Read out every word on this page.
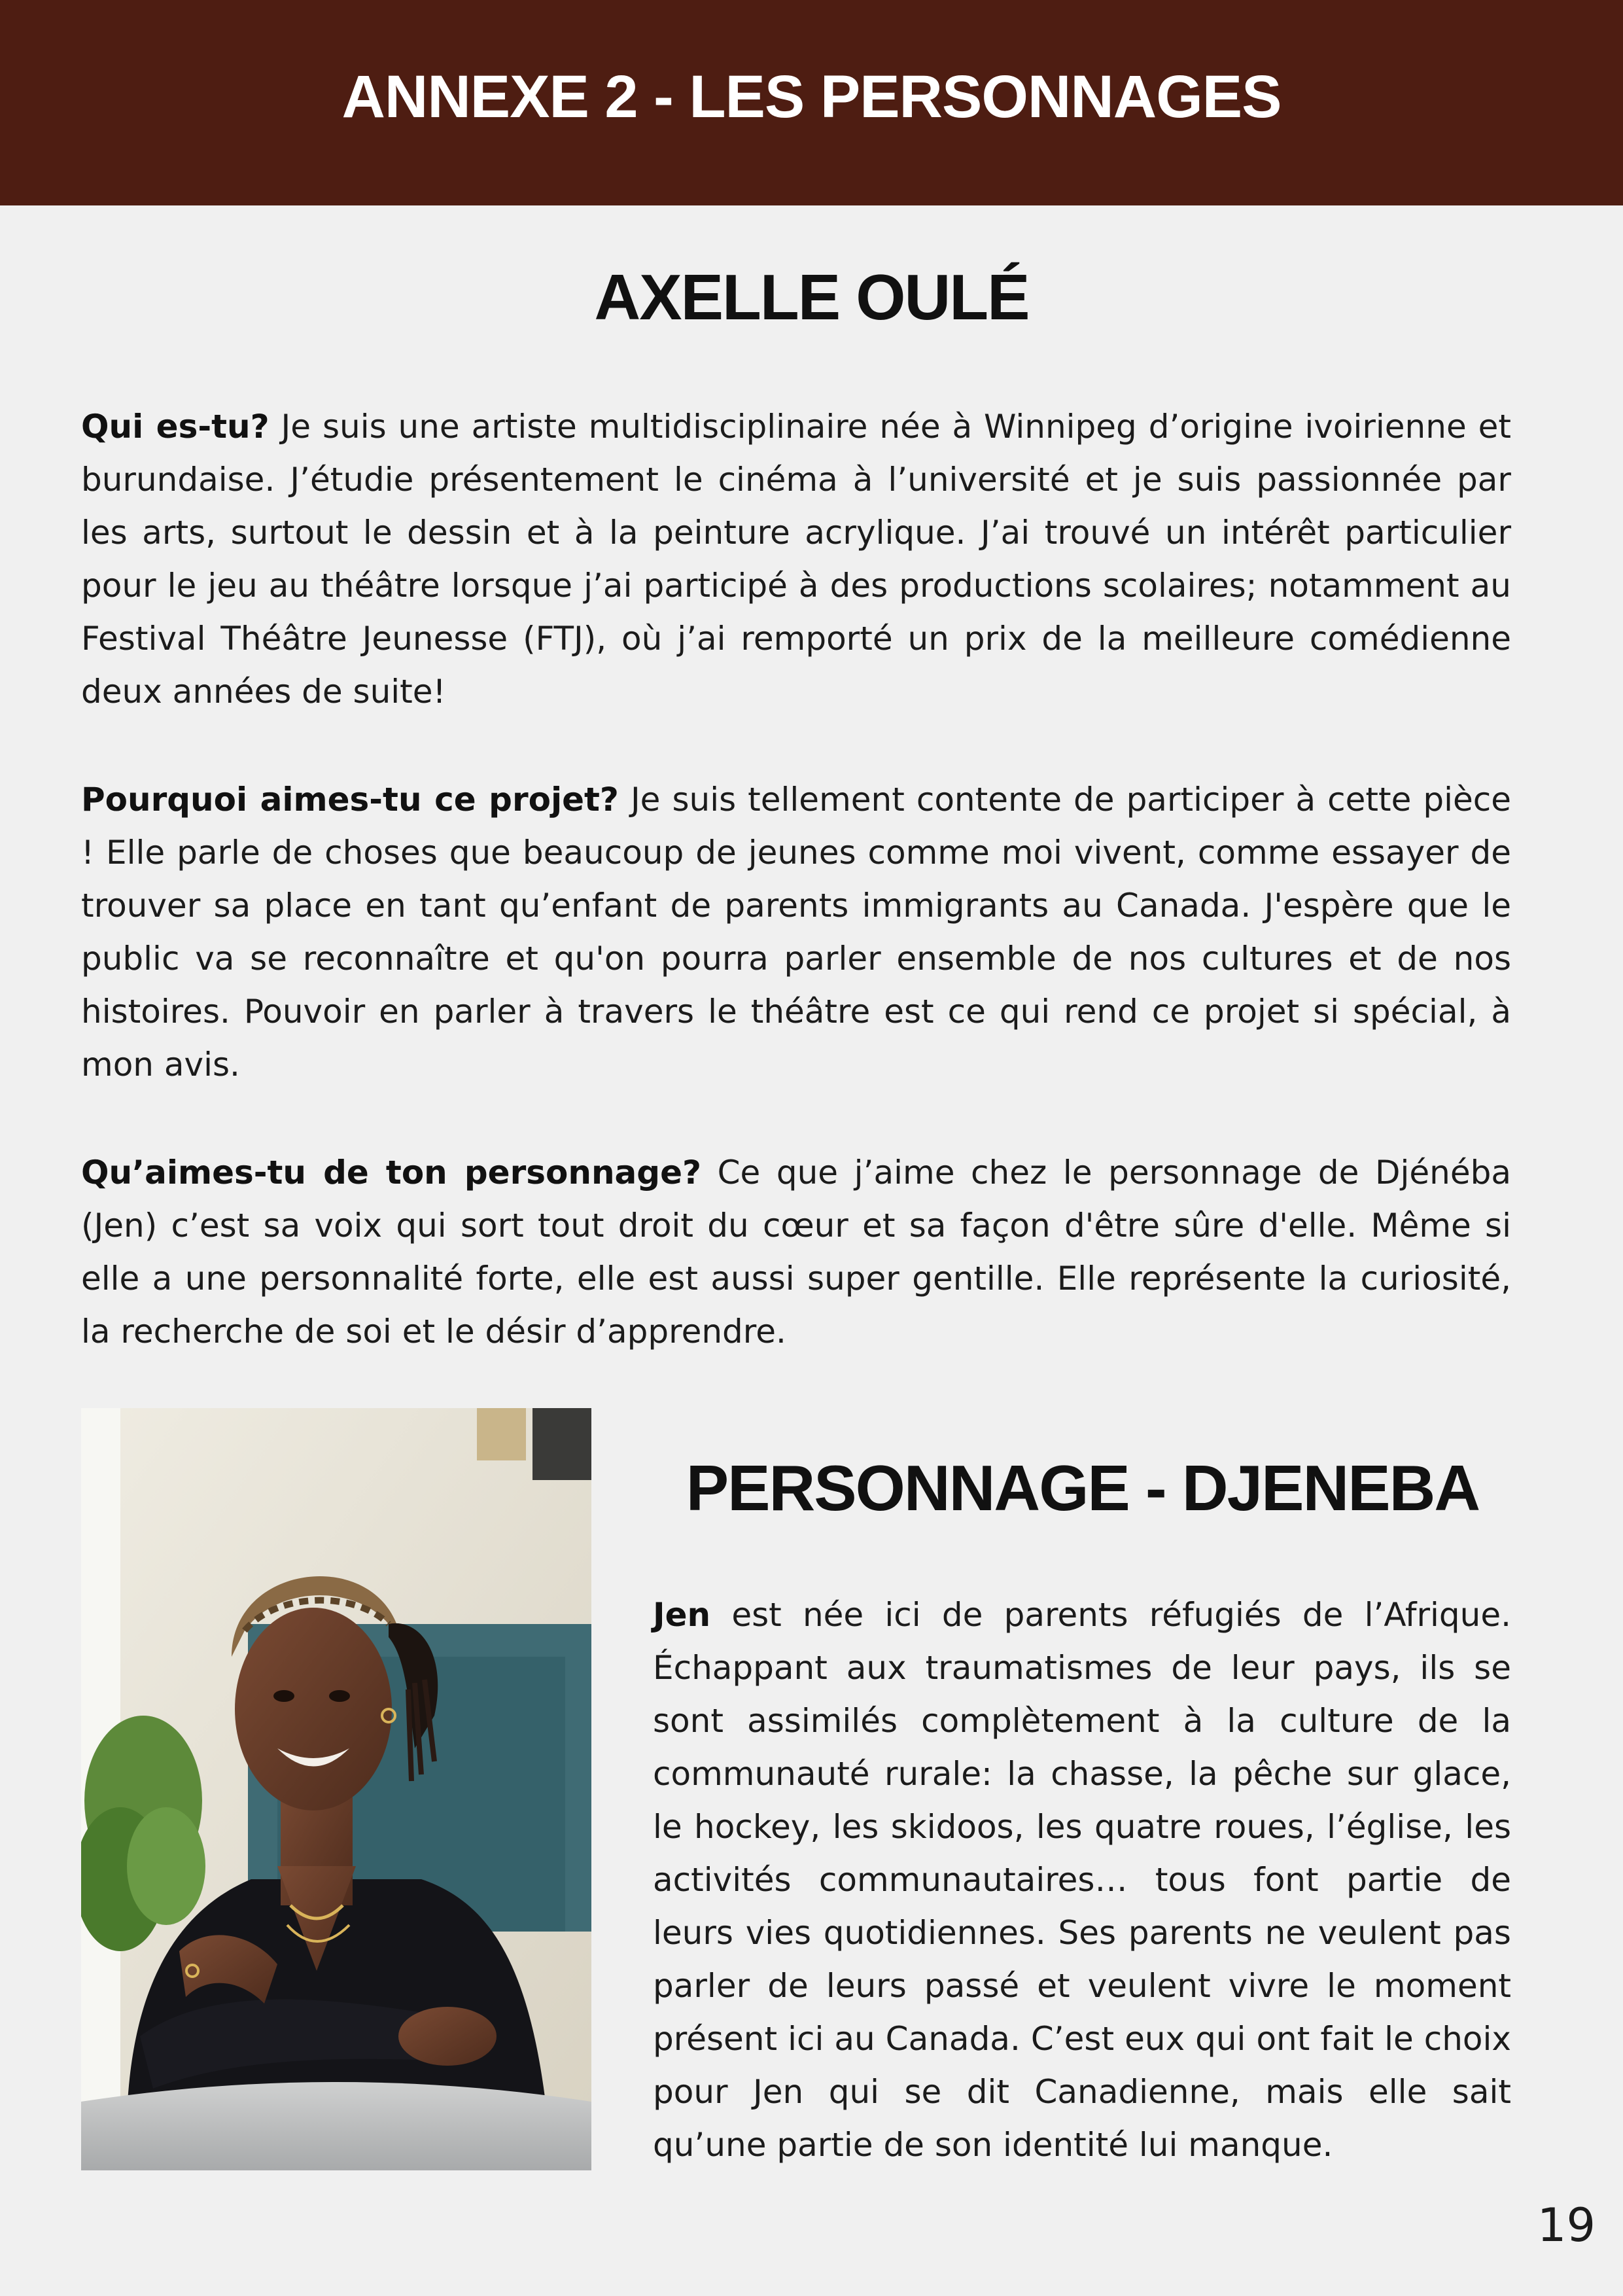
ANNEXE 2 - LES PERSONNAGES
AXELLE OULÉ

Qui es-tu? Je suis une artiste multidisciplinaire née à Winnipeg d’origine ivoirienne et burundaise. J’étudie présentement le cinéma à l’université et je suis passionnée par les arts, surtout le dessin et à la peinture acrylique. J’ai trouvé un intérêt particulier pour le jeu au théâtre lorsque j’ai participé à des productions scolaires; notamment au Festival Théâtre Jeunesse (FTJ), où j’ai remporté un prix de la meilleure comédienne deux années de suite!

Pourquoi aimes-tu ce projet? Je suis tellement contente de participer à cette pièce ! Elle parle de choses que beaucoup de jeunes comme moi vivent, comme essayer de trouver sa place en tant qu’enfant de parents immigrants au Canada. J'espère que le public va se reconnaître et qu'on pourra parler ensemble de nos cultures et de nos histoires. Pouvoir en parler à travers le théâtre est ce qui rend ce projet si spécial, à mon avis.

Qu’aimes-tu de ton personnage? Ce que j’aime chez le personnage de Djénéba (Jen) c’est sa voix qui sort tout droit du cœur et sa façon d'être sûre d'elle. Même si elle a une personnalité forte, elle est aussi super gentille. Elle représente la curiosité, la recherche de soi et le désir d’apprendre.

PERSONNAGE - DJENEBA

Jen est née ici de parents réfugiés de l’Afrique. Échappant aux traumatismes de leur pays, ils se sont assimilés complètement à la culture de la communauté rurale: la chasse, la pêche sur glace, le hockey, les skidoos, les quatre roues, l’église, les activités communautaires… tous font partie de leurs vies quotidiennes. Ses parents ne veulent pas parler de leurs passé et veulent vivre le moment présent ici au Canada. C’est eux qui ont fait le choix pour Jen qui se dit Canadienne, mais elle sait qu’une partie de son identité lui manque.

19
